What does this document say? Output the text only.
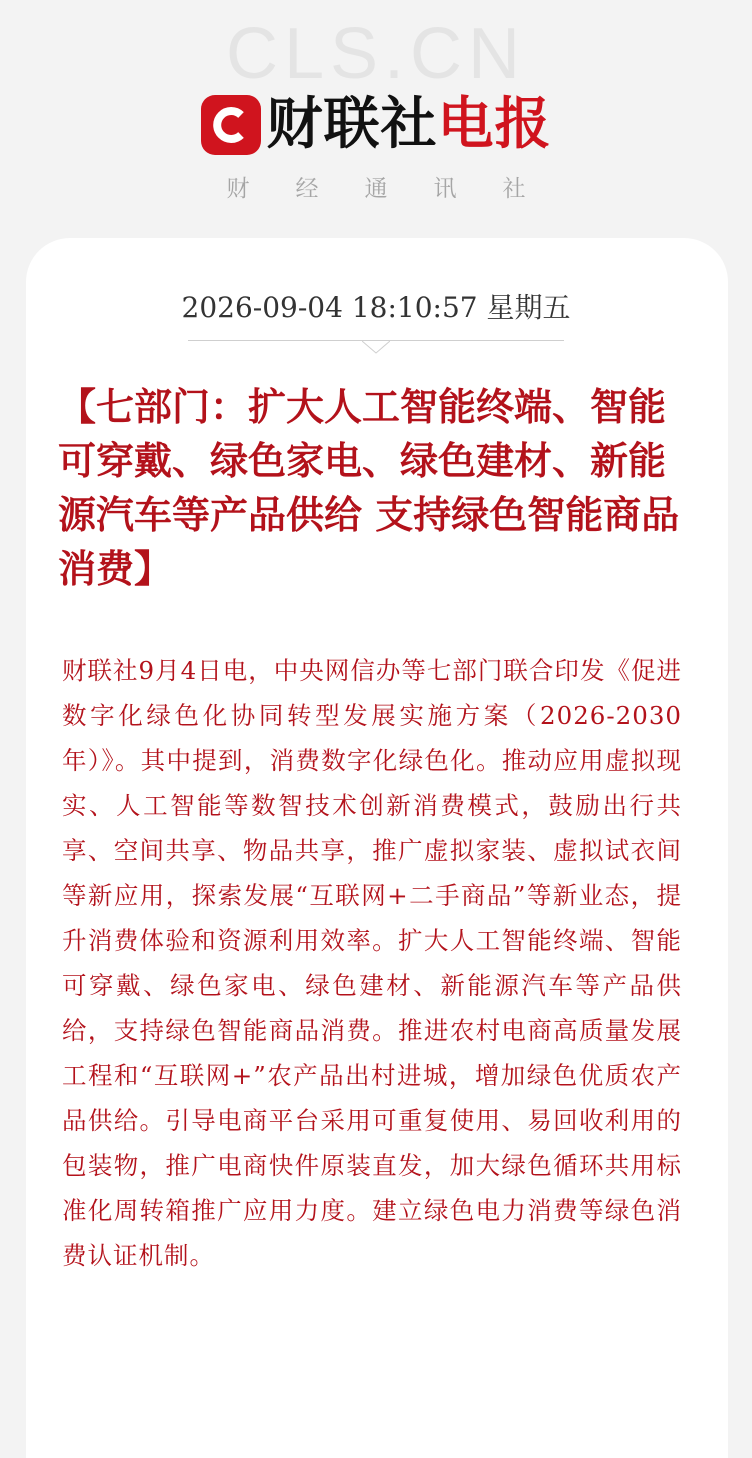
CLS.CN
财联社 电报
财经通讯社
2026-09-04 18:10:57 星期五
【七部门：扩大人工智能终端、智能可穿戴、绿色家电、绿色建材、新能源汽车等产品供给 支持绿色智能商品消费】

财联社9月4日电，中央网信办等七部门联合印发《促进数字化绿色化协同转型发展实施方案（2026-2030年）》。其中提到，消费数字化绿色化。推动应用虚拟现实、人工智能等数智技术创新消费模式，鼓励出行共享、空间共享、物品共享，推广虚拟家装、虚拟试衣间等新应用，探索发展“互联网+二手商品”等新业态，提升消费体验和资源利用效率。扩大人工智能终端、智能可穿戴、绿色家电、绿色建材、新能源汽车等产品供给，支持绿色智能商品消费。推进农村电商高质量发展工程和“互联网+”农产品出村进城，增加绿色优质农产品供给。引导电商平台采用可重复使用、易回收利用的包装物，推广电商快件原装直发，加大绿色循环共用标准化周转箱推广应用力度。建立绿色电力消费等绿色消费认证机制。
